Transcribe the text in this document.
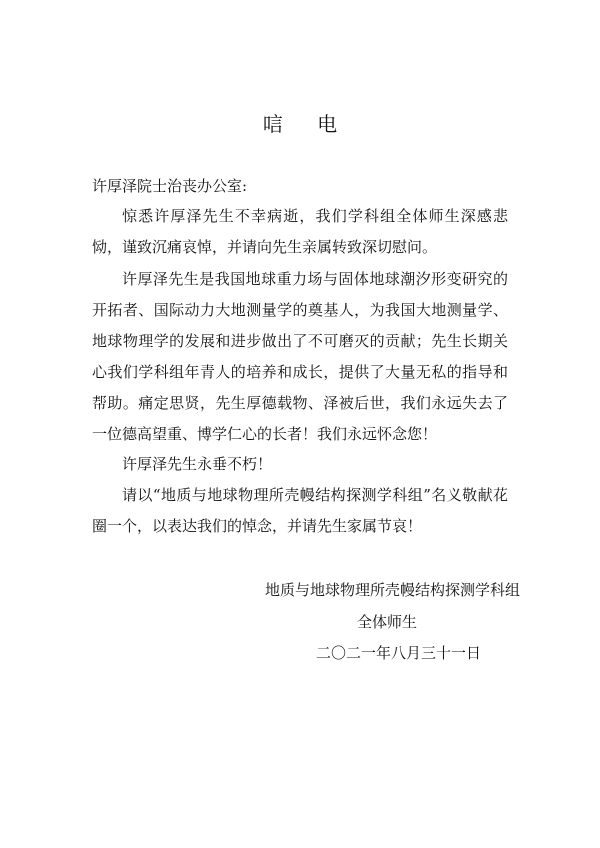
唁 电
许厚泽院士治丧办公室:

惊悉许厚泽先生不幸病逝，我们学科组全体师生深感悲恸，谨致沉痛哀悼，并请向先生亲属转致深切慰问。

许厚泽先生是我国地球重力场与固体地球潮汐形变研究的开拓者、国际动力大地测量学的奠基人，为我国大地测量学、地球物理学的发展和进步做出了不可磨灭的贡献；先生长期关心我们学科组年青人的培养和成长，提供了大量无私的指导和帮助。痛定思贤，先生厚德载物、泽被后世，我们永远失去了一位德高望重、博学仁心的长者！我们永远怀念您！

许厚泽先生永垂不朽！

请以“地质与地球物理所壳幔结构探测学科组”名义敬献花圈一个，以表达我们的悼念，并请先生家属节哀！

地质与地球物理所壳幔结构探测学科组
全体师生
二〇二一年八月三十一日
